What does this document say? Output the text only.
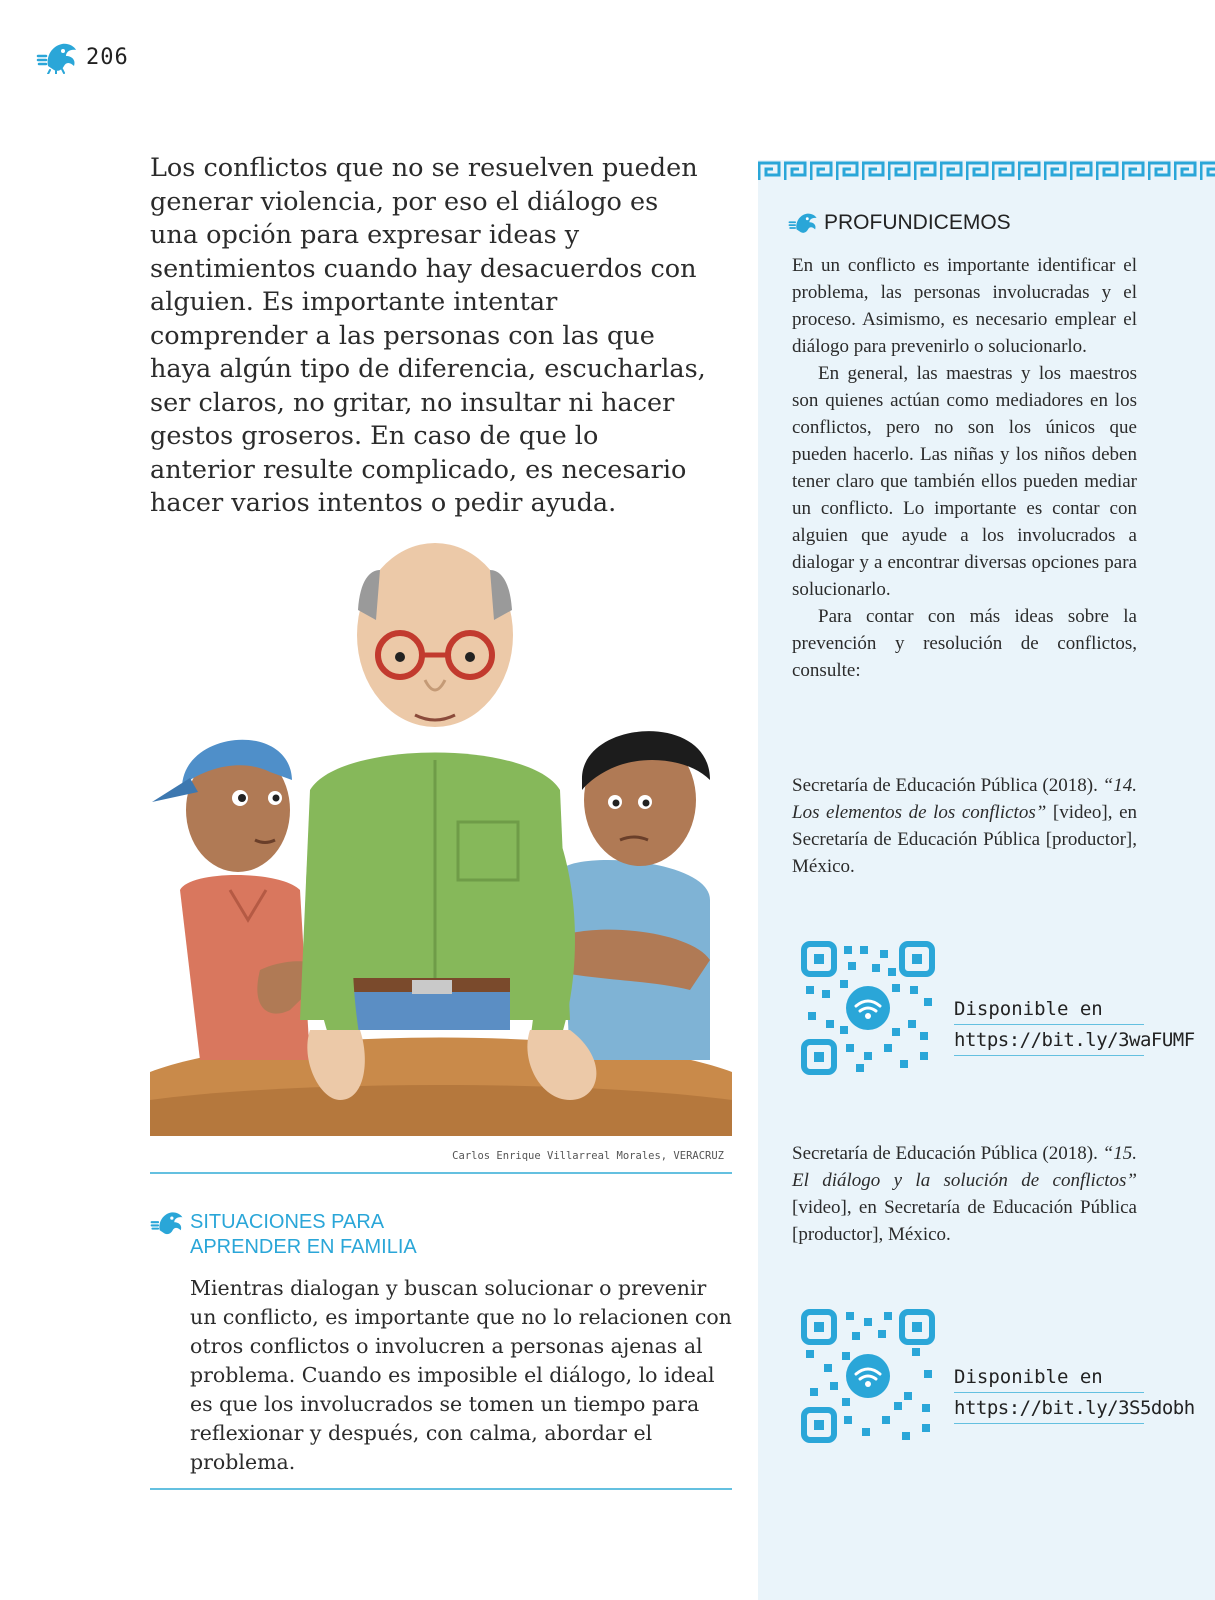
206

Los conflictos que no se resuelven pueden generar violencia, por eso el diálogo es una opción para expresar ideas y sentimientos cuando hay desacuerdos con alguien. Es importante intentar comprender a las personas con las que haya algún tipo de diferencia, escucharlas, ser claros, no gritar, no insultar ni hacer gestos groseros. En caso de que lo anterior resulte complicado, es necesario hacer varios intentos o pedir ayuda.

Carlos Enrique Villarreal Morales, VERACRUZ
SITUACIONES PARA
APRENDER EN FAMILIA

Mientras dialogan y buscan solucionar o prevenir un conflicto, es importante que no lo relacionen con otros conflictos o involucren a personas ajenas al problema. Cuando es imposible el diálogo, lo ideal es que los involucrados se tomen un tiempo para reflexionar y después, con calma, abordar el problema.

PROFUNDICEMOS

En un conflicto es importante identificar el problema, las personas involucradas y el proceso. Asimismo, es necesario emplear el diálogo para prevenirlo o solucionarlo.

En general, las maestras y los maestros son quienes actúan como mediadores en los conflictos, pero no son los únicos que pueden hacerlo. Las niñas y los niños deben tener claro que también ellos pueden mediar un conflicto. Lo importante es contar con alguien que ayude a los involucrados a dialogar y a encontrar diversas opciones para solucionarlo.

Para contar con más ideas sobre la prevención y resolución de conflictos, consulte:

Secretaría de Educación Pública (2018). “14. Los elementos de los conflictos” [video], en Secretaría de Educación Pública [productor], México.

Disponible en
https://bit.ly/3waFUMF

Secretaría de Educación Pública (2018). “15. El diálogo y la solución de conflictos” [video], en Secretaría de Educación Pública [productor], México.

Disponible en
https://bit.ly/3S5dobh
